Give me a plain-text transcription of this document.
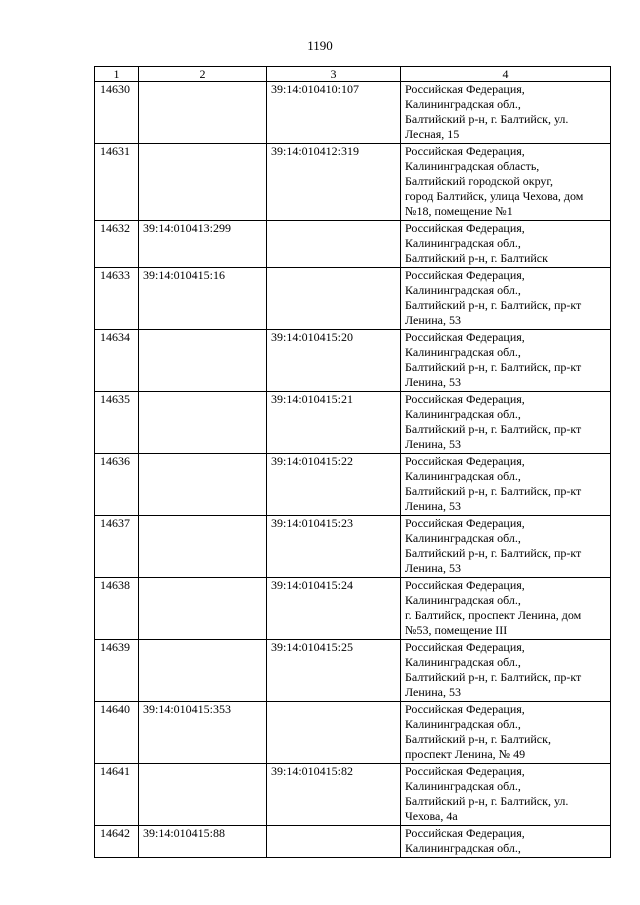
1190
1	2	3	4
14630		39:14:010410:107	Российская Федерация,
Калининградская обл.,
Балтийский р-н, г. Балтийск, ул.
Лесная, 15
14631		39:14:010412:319	Российская Федерация,
Калининградская область,
Балтийский городской округ,
город Балтийск, улица Чехова, дом
№18, помещение №1
14632	39:14:010413:299		Российская Федерация,
Калининградская обл.,
Балтийский р-н, г. Балтийск
14633	39:14:010415:16		Российская Федерация,
Калининградская обл.,
Балтийский р-н, г. Балтийск, пр-кт
Ленина, 53
14634		39:14:010415:20	Российская Федерация,
Калининградская обл.,
Балтийский р-н, г. Балтийск, пр-кт
Ленина, 53
14635		39:14:010415:21	Российская Федерация,
Калининградская обл.,
Балтийский р-н, г. Балтийск, пр-кт
Ленина, 53
14636		39:14:010415:22	Российская Федерация,
Калининградская обл.,
Балтийский р-н, г. Балтийск, пр-кт
Ленина, 53
14637		39:14:010415:23	Российская Федерация,
Калининградская обл.,
Балтийский р-н, г. Балтийск, пр-кт
Ленина, 53
14638		39:14:010415:24	Российская Федерация,
Калининградская обл.,
г. Балтийск, проспект Ленина, дом
№53, помещение III
14639		39:14:010415:25	Российская Федерация,
Калининградская обл.,
Балтийский р-н, г. Балтийск, пр-кт
Ленина, 53
14640	39:14:010415:353		Российская Федерация,
Калининградская обл.,
Балтийский р-н, г. Балтийск,
проспект Ленина, № 49
14641		39:14:010415:82	Российская Федерация,
Калининградская обл.,
Балтийский р-н, г. Балтийск, ул.
Чехова, 4а
14642	39:14:010415:88		Российская Федерация,
Калининградская обл.,
